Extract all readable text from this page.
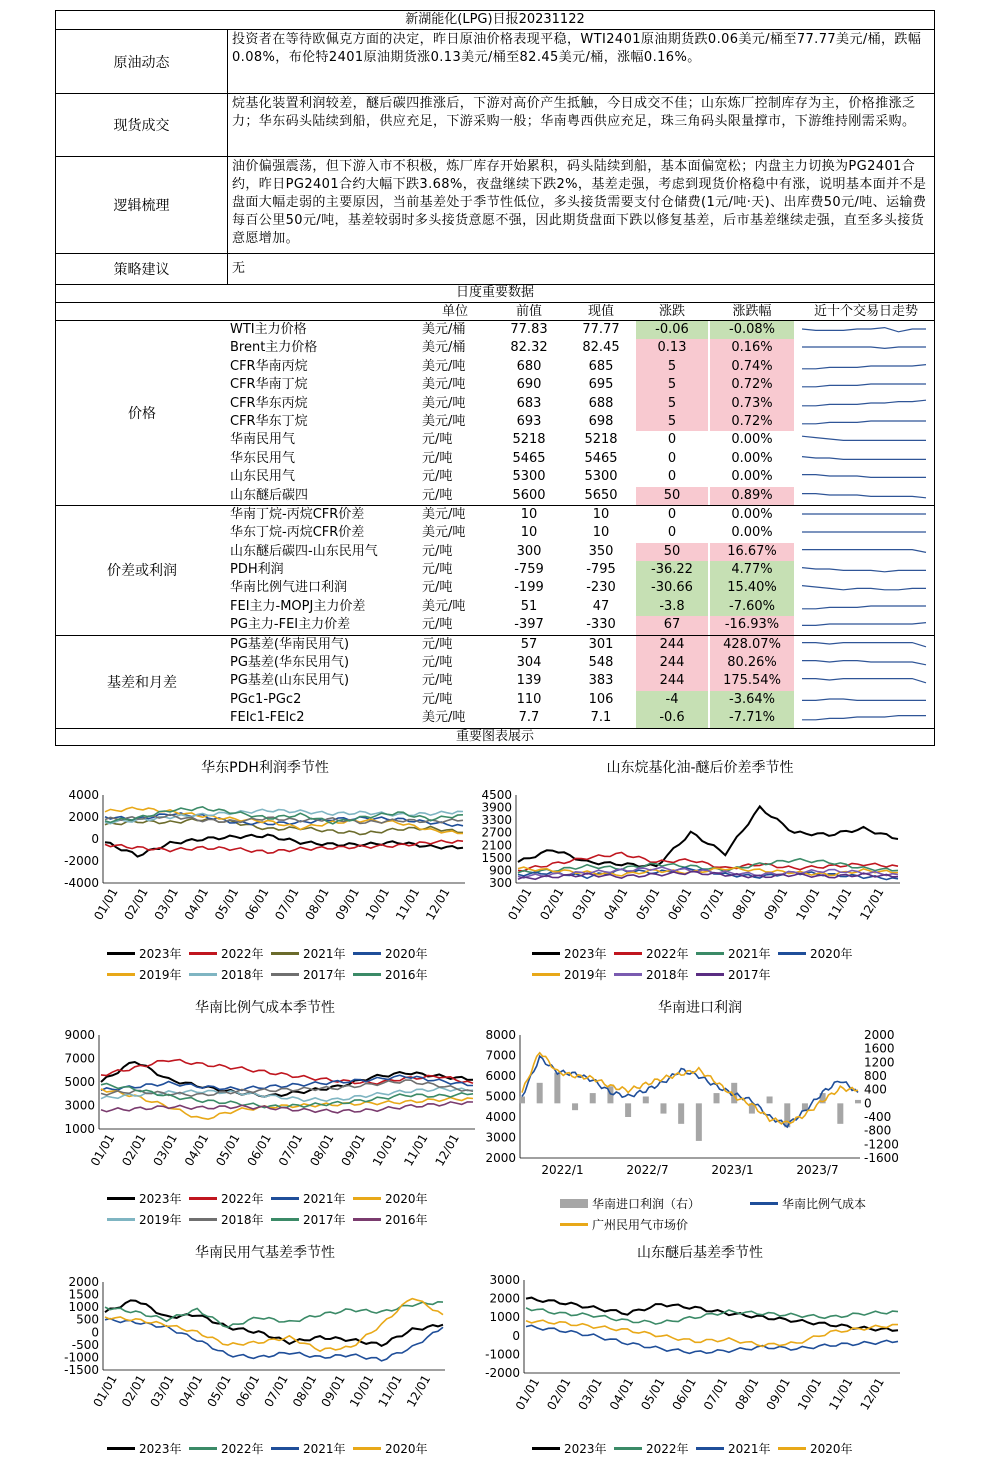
新湖能化(LPG)日报20231122
原油动态
投资者在等待欧佩克方面的决定，昨日原油价格表现平稳，WTI2401原油期货跌0.06美元/桶至77.77美元/桶，跌幅0.08%，布伦特2401原油期货涨0.13美元/桶至82.45美元/桶，涨幅0.16%。
现货成交
烷基化装置利润较差，醚后碳四推涨后，下游对高价产生抵触，今日成交不佳；山东炼厂控制库存为主，价格推涨乏力；华东码头陆续到船，供应充足，下游采购一般；华南粤西供应充足，珠三角码头限量撑市，下游维持刚需采购。
逻辑梳理
油价偏强震荡，但下游入市不积极，炼厂库存开始累积，码头陆续到船，基本面偏宽松；内盘主力切换为PG2401合约，昨日PG2401合约大幅下跌3.68%，夜盘继续下跌2%，基差走强，考虑到现货价格稳中有涨，说明基本面并不是盘面大幅走弱的主要原因，当前基差处于季节性低位，多头接货需要支付仓储费(1元/吨·天)、出库费50元/吨、运输费每百公里50元/吨，基差较弱时多头接货意愿不强，因此期货盘面下跌以修复基差，后市基差继续走强，直至多头接货意愿增加。
策略建议	无
日度重要数据
单位	前值	现值	涨跌	涨跌幅	近十个交易日走势
价格
WTI主力价格	美元/桶	77.83	77.77	-0.06	-0.08%
Brent主力价格	美元/桶	82.32	82.45	0.13	0.16%
CFR华南丙烷	美元/吨	680	685	5	0.74%
CFR华南丁烷	美元/吨	690	695	5	0.72%
CFR华东丙烷	美元/吨	683	688	5	0.73%
CFR华东丁烷	美元/吨	693	698	5	0.72%
华南民用气	元/吨	5218	5218	0	0.00%
华东民用气	元/吨	5465	5465	0	0.00%
山东民用气	元/吨	5300	5300	0	0.00%
山东醚后碳四	元/吨	5600	5650	50	0.89%
价差或利润
华南丁烷-丙烷CFR价差	美元/吨	10	10	0	0.00%
华东丁烷-丙烷CFR价差	美元/吨	10	10	0	0.00%
山东醚后碳四-山东民用气	元/吨	300	350	50	16.67%
PDH利润	元/吨	-759	-795	-36.22	4.77%
华南比例气进口利润	元/吨	-199	-230	-30.66	15.40%
FEI主力-MOPJ主力价差	美元/吨	51	47	-3.8	-7.60%
PG主力-FEI主力价差	元/吨	-397	-330	67	-16.93%
基差和月差
PG基差(华南民用气)	元/吨	57	301	244	428.07%
PG基差(华东民用气)	元/吨	304	548	244	80.26%
PG基差(山东民用气)	元/吨	139	383	244	175.54%
PGc1-PGc2	元/吨	110	106	-4	-3.64%
FEIc1-FEIc2	美元/吨	7.7	7.1	-0.6	-7.71%
重要图表展示
华东PDH利润季节性
4000
2000
0
-2000
-4000
01/01 02/01 03/01 04/01 05/01 06/01 07/01 08/01 09/01 10/01 11/01 12/01
2023年	2022年	2021年	2020年
2019年	2018年	2017年	2016年
山东烷基化油-醚后价差季节性
4500
3900
3300
2700
2100
1500
900
300
01/01 02/01 03/01 04/01 05/01 06/01 07/01 08/01 09/01 10/01 11/01 12/01
2023年	2022年	2021年	2020年
2019年	2018年	2017年
华南比例气成本季节性
9000
7000
5000
3000
1000
01/01 02/01 03/01 04/01 05/01 06/01 07/01 08/01 09/01 10/01 11/01 12/01
2023年	2022年	2021年	2020年
2019年	2018年	2017年	2016年
华南进口利润
8000
7000
6000
5000
4000
3000
2000
2000
1600
1200
800
400
0
-400
-800
-1200
-1600
2022/1	2022/7	2023/1	2023/7
华南进口利润（右）	华南比例气成本
广州民用气市场价
华南民用气基差季节性
2000
1500
1000
500
0
-500
-1000
-1500
01/01 02/01 03/01 04/01 05/01 06/01 07/01 08/01 09/01 10/01 11/01 12/01
2023年	2022年	2021年	2020年
山东醚后基差季节性
3000
2000
1000
0
-1000
-2000
01/01 02/01 03/01 04/01 05/01 06/01 07/01 08/01 09/01 10/01 11/01 12/01
2023年	2022年	2021年	2020年
